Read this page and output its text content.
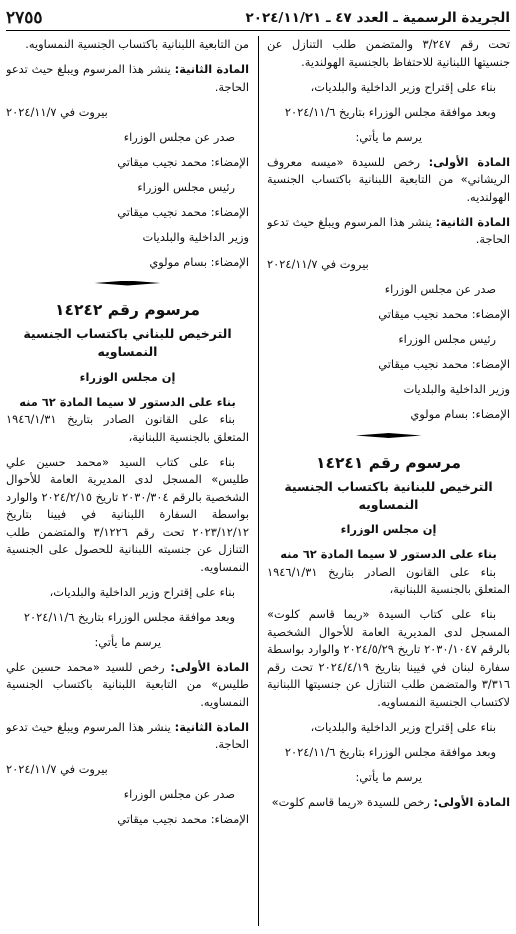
الجريدة الرسمية ـ العدد ٤٧ ـ ٢٠٢٤/١١/٢١
٢٧٥٥

تحت رقم ٣/٢٤٧ والمتضمن طلب التنازل عن جنسيتها اللبنانية للاحتفاظ بالجنسية الهولندية.

بناء على إقتراح وزير الداخلية والبلديات،

وبعد موافقة مجلس الوزراء بتاريخ ٢٠٢٤/١١/٦

يرسم ما يأتي:

المادة الأولى: رخص للسيدة «ميسه معروف الريشاني» من التابعية اللبنانية باكتساب الجنسية الهولنديه.

المادة الثانية: ينشر هذا المرسوم ويبلغ حيث تدعو الحاجة.

بيروت في ٢٠٢٤/١١/٧

صدر عن مجلس الوزراء

الإمضاء: محمد نجيب ميقاتي

رئيس مجلس الوزراء

الإمضاء: محمد نجيب ميقاتي

وزير الداخلية والبلديات

الإمضاء: بسام مولوي

مرسوم رقم ١٤٢٤١
الترخيص للبنانية باكتساب الجنسية النمساويه

إن مجلس الوزراء

بناء على الدستور لا سيما المادة ٦٢ منه

بناء على القانون الصادر بتاريخ ١٩٤٦/١/٣١ المتعلق بالجنسية اللبنانية،

بناء على كتاب السيدة «ريما قاسم كلوت» المسجل لدى المديرية العامة للأحوال الشخصية بالرقم ٢٠٣٠/١٠٤٧ تاريخ ٢٠٢٤/٥/٢٩ والوارد بواسطة سفارة لبنان في فيينا بتاريخ ٢٠٢٤/٤/١٩ تحت رقم ٣/٣١٦ والمتضمن طلب التنازل عن جنسيتها اللبنانية لاكتساب الجنسية النمساويه.

بناء على إقتراح وزير الداخلية والبلديات،

وبعد موافقة مجلس الوزراء بتاريخ ٢٠٢٤/١١/٦

يرسم ما يأتي:

المادة الأولى: رخص للسيدة «ريما قاسم كلوت»

من التابعية اللبنانية باكتساب الجنسية النمساويه.

المادة الثانية: ينشر هذا المرسوم ويبلغ حيث تدعو الحاجة.

بيروت في ٢٠٢٤/١١/٧

صدر عن مجلس الوزراء

الإمضاء: محمد نجيب ميقاتي

رئيس مجلس الوزراء

الإمضاء: محمد نجيب ميقاتي

وزير الداخلية والبلديات

الإمضاء: بسام مولوي

مرسوم رقم ١٤٢٤٢
الترخيص للبناني باكتساب الجنسية النمساويه

إن مجلس الوزراء

بناء على الدستور لا سيما المادة ٦٢ منه

بناء على القانون الصادر بتاريخ ١٩٤٦/١/٣١ المتعلق بالجنسية اللبنانية،

بناء على كتاب السيد «محمد حسين علي طليس» المسجل لدى المديرية العامة للأحوال الشخصية بالرقم ٢٠٣٠/٣٠٤ تاريخ ٢٠٢٤/٢/١٥ والوارد بواسطة السفارة اللبنانية في فيينا بتاريخ ٢٠٢٣/١٢/١٢ تحت رقم ٣/١٢٢٦ والمتضمن طلب التنازل عن جنسيته اللبنانية للحصول على الجنسية النمساويه.

بناء على إقتراح وزير الداخلية والبلديات،

وبعد موافقة مجلس الوزراء بتاريخ ٢٠٢٤/١١/٦

يرسم ما يأتي:

المادة الأولى: رخص للسيد «محمد حسين علي طليس» من التابعية اللبنانية باكتساب الجنسية النمساويه.

المادة الثانية: ينشر هذا المرسوم ويبلغ حيث تدعو الحاجة.

بيروت في ٢٠٢٤/١١/٧

صدر عن مجلس الوزراء

الإمضاء: محمد نجيب ميقاتي
